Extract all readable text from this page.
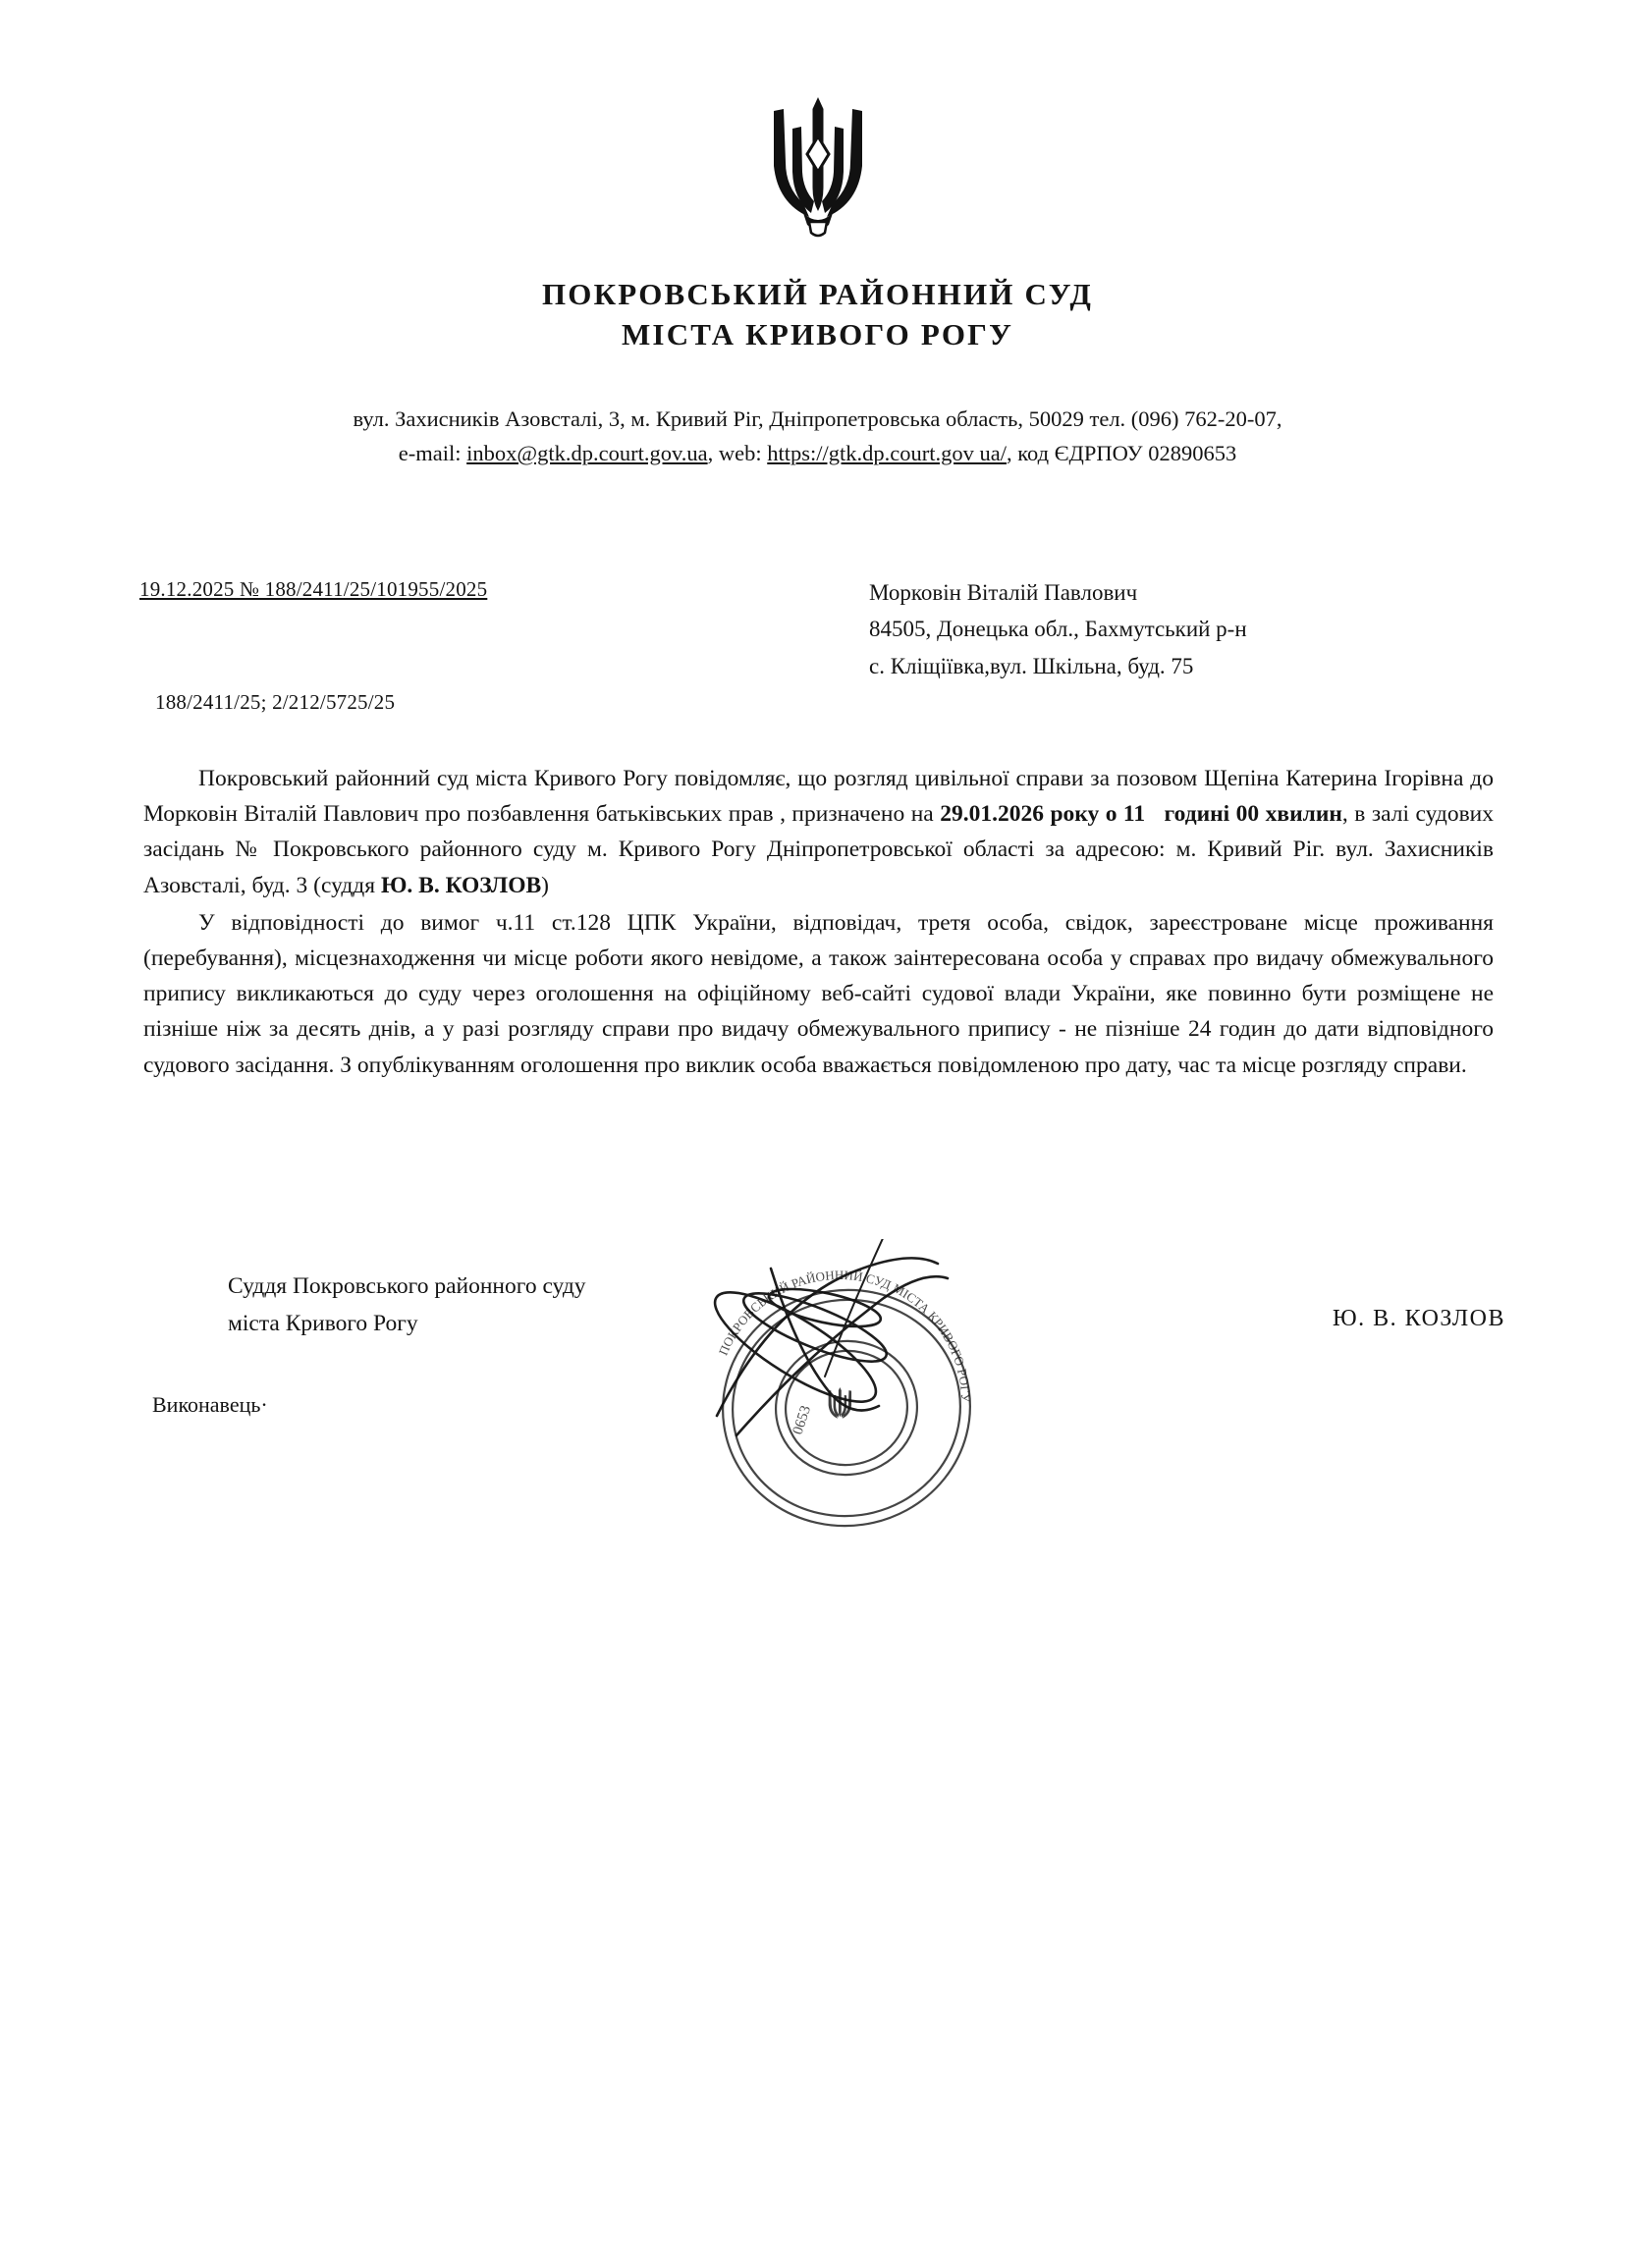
ПОКРОВСЬКИЙ РАЙОННИЙ СУД
МІСТА КРИВОГО РОГУ
вул. Захисників Азовсталі, 3, м. Кривий Ріг, Дніпропетровська область, 50029 тел. (096) 762-20-07,
e-mail: inbox@gtk.dp.court.gov.ua, web: https://gtk.dp.court.gov ua/, код ЄДРПОУ 02890653
19.12.2025 № 188/2411/25/101955/2025
188/2411/25; 2/212/5725/25
Морковін Віталій Павлович
84505, Донецька обл., Бахмутський р-н
с. Кліщіївка,вул. Шкільна, буд. 75

Покровський районний суд міста Кривого Рогу повідомляє, що розгляд цивільної справи за позовом Щепіна Катерина Ігорівна до Морковін Віталій Павлович про позбавлення батьківських прав , призначено на 29.01.2026 року о 11 годині 00 хвилин, в залі судових засідань № Покровського районного суду м. Кривого Рогу Дніпропетровської області за адресою: м. Кривий Ріг. вул. Захисників Азовсталі, буд. 3 (суддя Ю. В. КОЗЛОВ)

У відповідності до вимог ч.11 ст.128 ЦПК України, відповідач, третя особа, свідок, зареєстроване місце проживання (перебування), місцезнаходження чи місце роботи якого невідоме, а також заінтересована особа у справах про видачу обмежувального припису викликаються до суду через оголошення на офіційному веб-сайті судової влади України, яке повинно бути розміщене не пізніше ніж за десять днів, а у разі розгляду справи про видачу обмежувального припису - не пізніше 24 годин до дати відповідного судового засідання. З опублікуванням оголошення про виклик особа вважається повідомленою про дату, час та місце розгляду справи.

Суддя Покровського районного суду
міста Кривого Рогу	Ю. В. КОЗЛОВ
Виконавець·
ПОКРОВСЬКИЙ РАЙОННИЙ СУД МІСТА КРИВОГО РОГУ
0653
